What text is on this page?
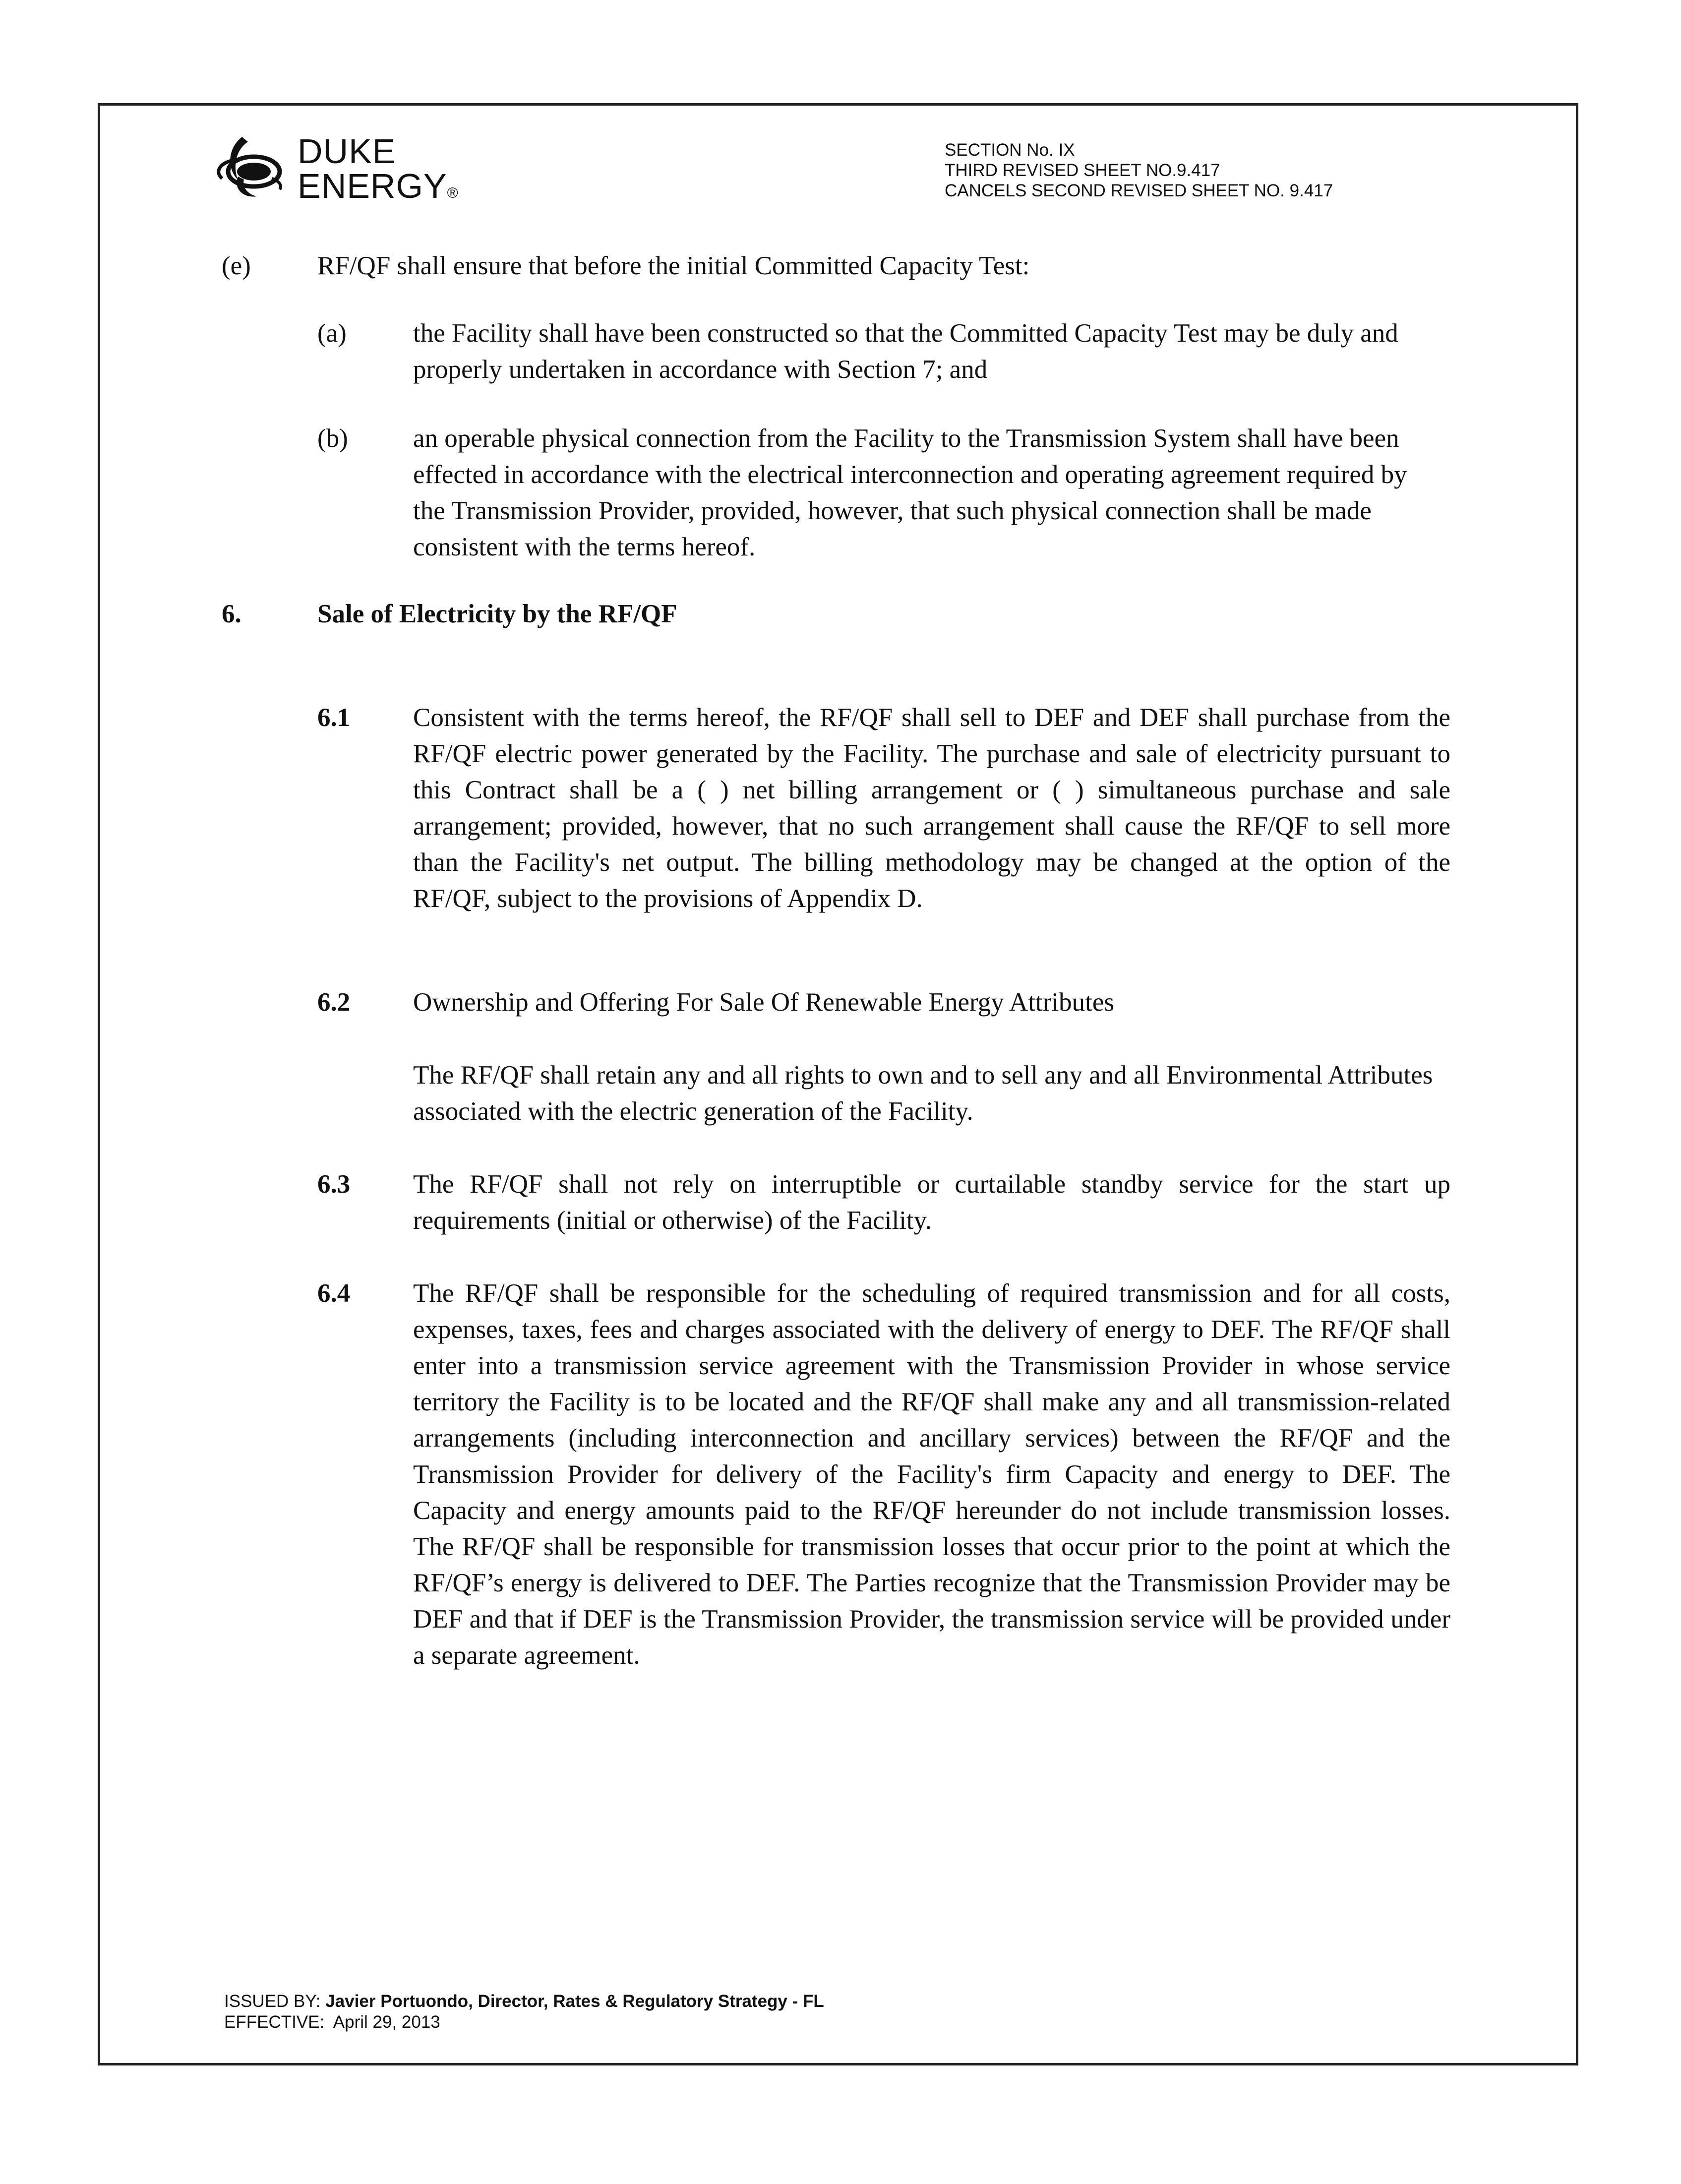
DUKE
ENERGY®
SECTION No. IX
THIRD REVISED SHEET NO.9.417
CANCELS SECOND REVISED SHEET NO. 9.417
(e)	RF/QF shall ensure that before the initial Committed Capacity Test:
(a)	the Facility shall have been constructed so that the Committed Capacity Test may be duly and properly undertaken in accordance with Section 7; and
(b) an operable physical connection from the Facility to the Transmission System shall have been effected in accordance with the electrical interconnection and operating agreement required by the Transmission Provider, provided, however, that such physical connection shall be made consistent with the terms hereof.
6.	Sale of Electricity by the RF/QF
6.1 Consistent with the terms hereof, the RF/QF shall sell to DEF and DEF shall purchase from the RF/QF electric power generated by the Facility. The purchase and sale of electricity pursuant to this Contract shall be a ( ) net billing arrangement or ( ) simultaneous purchase and sale arrangement; provided, however, that no such arrangement shall cause the RF/QF to sell more than the Facility's net output. The billing methodology may be changed at the option of the RF/QF, subject to the provisions of Appendix D.
6.2 Ownership and Offering For Sale Of Renewable Energy Attributes
The RF/QF shall retain any and all rights to own and to sell any and all Environmental Attributes associated with the electric generation of the Facility.
6.3 The RF/QF shall not rely on interruptible or curtailable standby service for the start up requirements (initial or otherwise) of the Facility.
6.4 The RF/QF shall be responsible for the scheduling of required transmission and for all costs, expenses, taxes, fees and charges associated with the delivery of energy to DEF. The RF/QF shall enter into a transmission service agreement with the Transmission Provider in whose service territory the Facility is to be located and the RF/QF shall make any and all transmission-related arrangements (including interconnection and ancillary services) between the RF/QF and the Transmission Provider for delivery of the Facility's firm Capacity and energy to DEF. The Capacity and energy amounts paid to the RF/QF hereunder do not include transmission losses. The RF/QF shall be responsible for transmission losses that occur prior to the point at which the RF/QF’s energy is delivered to DEF. The Parties recognize that the Transmission Provider may be DEF and that if DEF is the Transmission Provider, the transmission service will be provided under a separate agreement.
ISSUED BY: Javier Portuondo, Director, Rates & Regulatory Strategy - FL
EFFECTIVE: April 29, 2013
